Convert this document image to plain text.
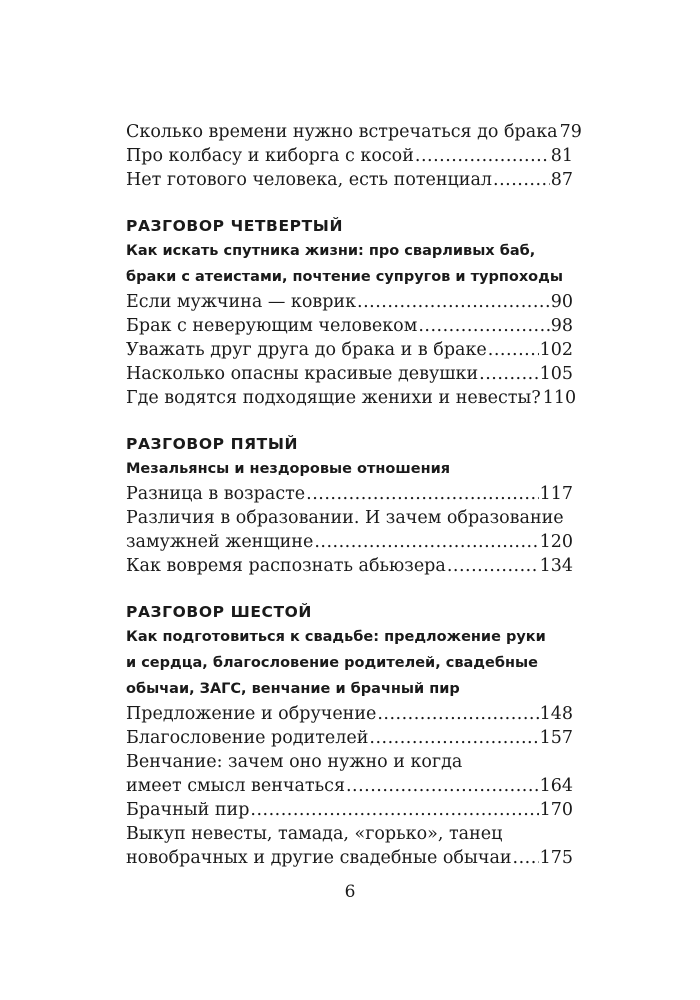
Сколько времени нужно встречаться до брака 79
Про колбасу и киборга с косой .....	81
Нет готового человека, есть потенциал .....	87
РАЗГОВОР ЧЕТВЕРТЫЙ
Как искать спутника жизни: про сварливых баб,
браки с атеистами, почтение супругов и турпоходы
Если мужчина — коврик .....	90
Брак с неверующим человеком .....	98
Уважать друг друга до брака и в браке .....	102
Насколько опасны красивые девушки .....	105
Где водятся подходящие женихи и невесты? 110
РАЗГОВОР ПЯТЫЙ
Мезальянсы и нездоровые отношения
Разница в возрасте .....	117
Различия в образовании. И зачем образование
замужней женщине .....	120
Как вовремя распознать абьюзера .....	134
РАЗГОВОР ШЕСТОЙ
Как подготовиться к свадьбе: предложение руки
и сердца, благословение родителей, свадебные
обычаи, ЗАГС, венчание и брачный пир
Предложение и обручение .....	148
Благословение родителей .....	157
Венчание: зачем оно нужно и когда
имеет смысл венчаться .....	164
Брачный пир .....	170
Выкуп невесты, тамада, «горько», танец
новобрачных и другие свадебные обычаи ..... 175
6
